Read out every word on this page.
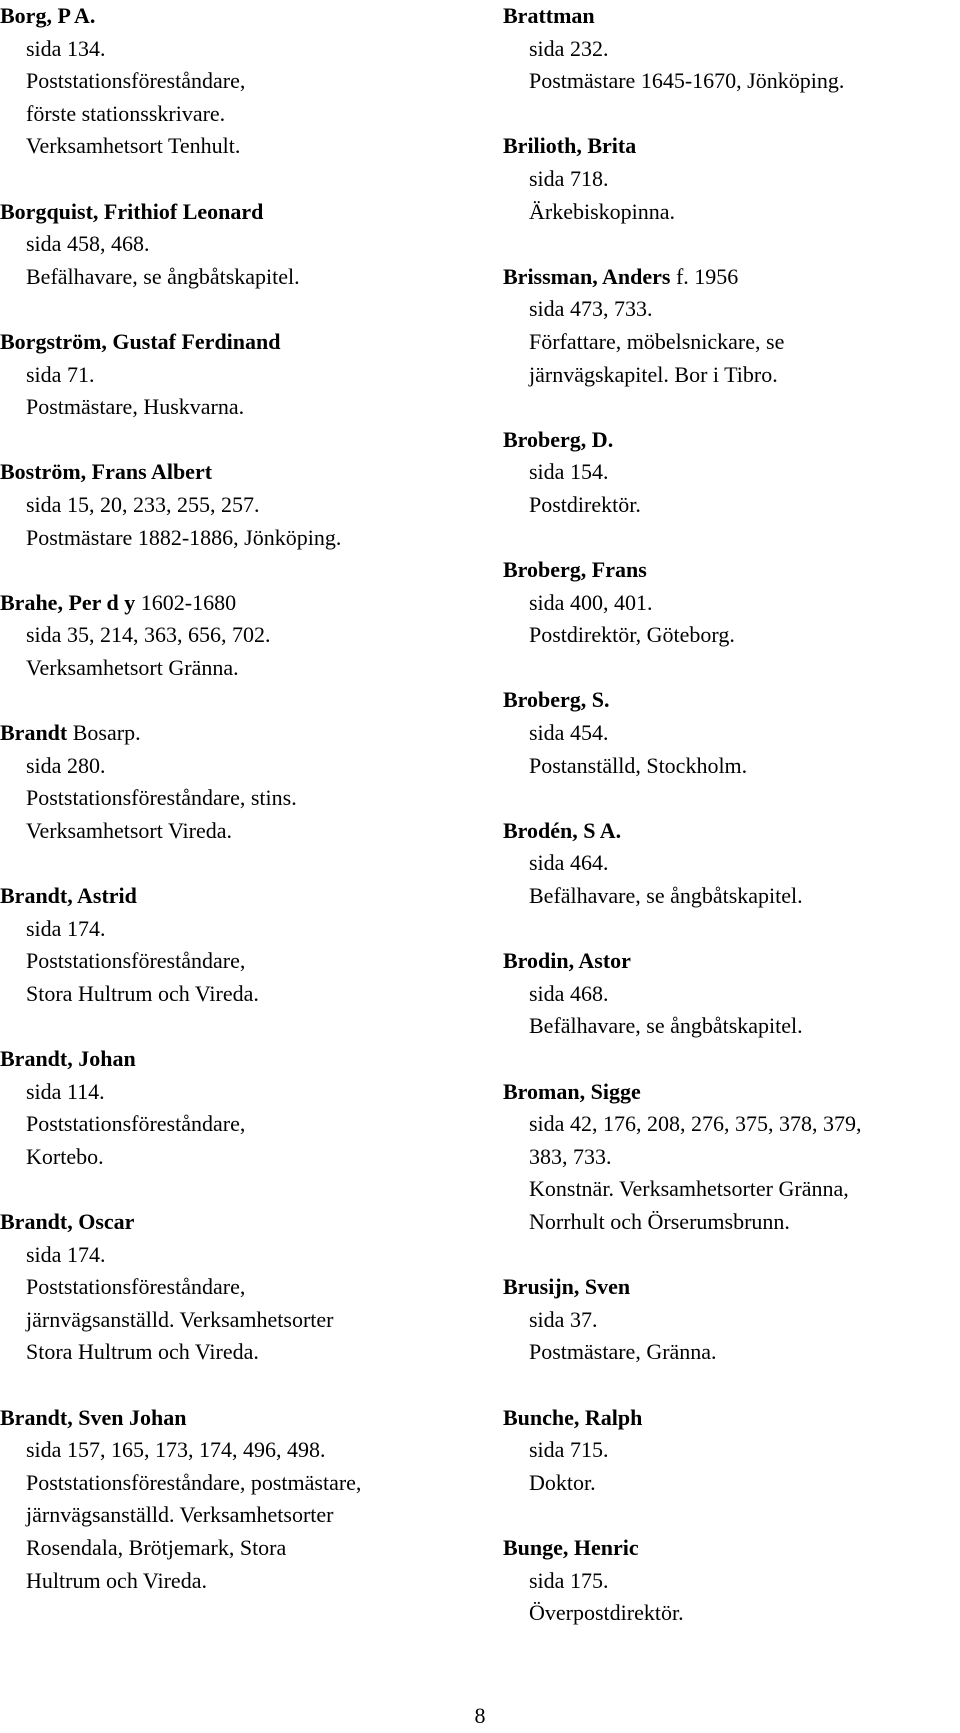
Borg, P A.
sida 134.
Poststationsföreståndare,
förste stationsskrivare.
Verksamhetsort Tenhult.
Borgquist, Frithiof Leonard
sida 458, 468.
Befälhavare, se ångbåtskapitel.
Borgström, Gustaf Ferdinand
sida 71.
Postmästare, Huskvarna.
Boström, Frans Albert
sida 15, 20, 233, 255, 257.
Postmästare 1882-1886, Jönköping.
Brahe, Per d y 1602-1680
sida 35, 214, 363, 656, 702.
Verksamhetsort Gränna.
Brandt Bosarp.
sida 280.
Poststationsföreståndare, stins.
Verksamhetsort Vireda.
Brandt, Astrid
sida 174.
Poststationsföreståndare,
Stora Hultrum och Vireda.
Brandt, Johan
sida 114.
Poststationsföreståndare,
Kortebo.
Brandt, Oscar
sida 174.
Poststationsföreståndare,
järnvägsanställd. Verksamhetsorter
Stora Hultrum och Vireda.
Brandt, Sven Johan
sida 157, 165, 173, 174, 496, 498.
Poststationsföreståndare, postmästare,
järnvägsanställd. Verksamhetsorter
Rosendala, Brötjemark, Stora
Hultrum och Vireda.
Brattman
sida 232.
Postmästare 1645-1670, Jönköping.
Brilioth, Brita
sida 718.
Ärkebiskopinna.
Brissman, Anders f. 1956
sida 473, 733.
Författare, möbelsnickare, se
järnvägskapitel. Bor i Tibro.
Broberg, D.
sida 154.
Postdirektör.
Broberg, Frans
sida 400, 401.
Postdirektör, Göteborg.
Broberg, S.
sida 454.
Postanställd, Stockholm.
Brodén, S A.
sida 464.
Befälhavare, se ångbåtskapitel.
Brodin, Astor
sida 468.
Befälhavare, se ångbåtskapitel.
Broman, Sigge
sida 42, 176, 208, 276, 375, 378, 379,
383, 733.
Konstnär. Verksamhetsorter Gränna,
Norrhult och Örserumsbrunn.
Brusijn, Sven
sida 37.
Postmästare, Gränna.
Bunche, Ralph
sida 715.
Doktor.
Bunge, Henric
sida 175.
Överpostdirektör.
8
